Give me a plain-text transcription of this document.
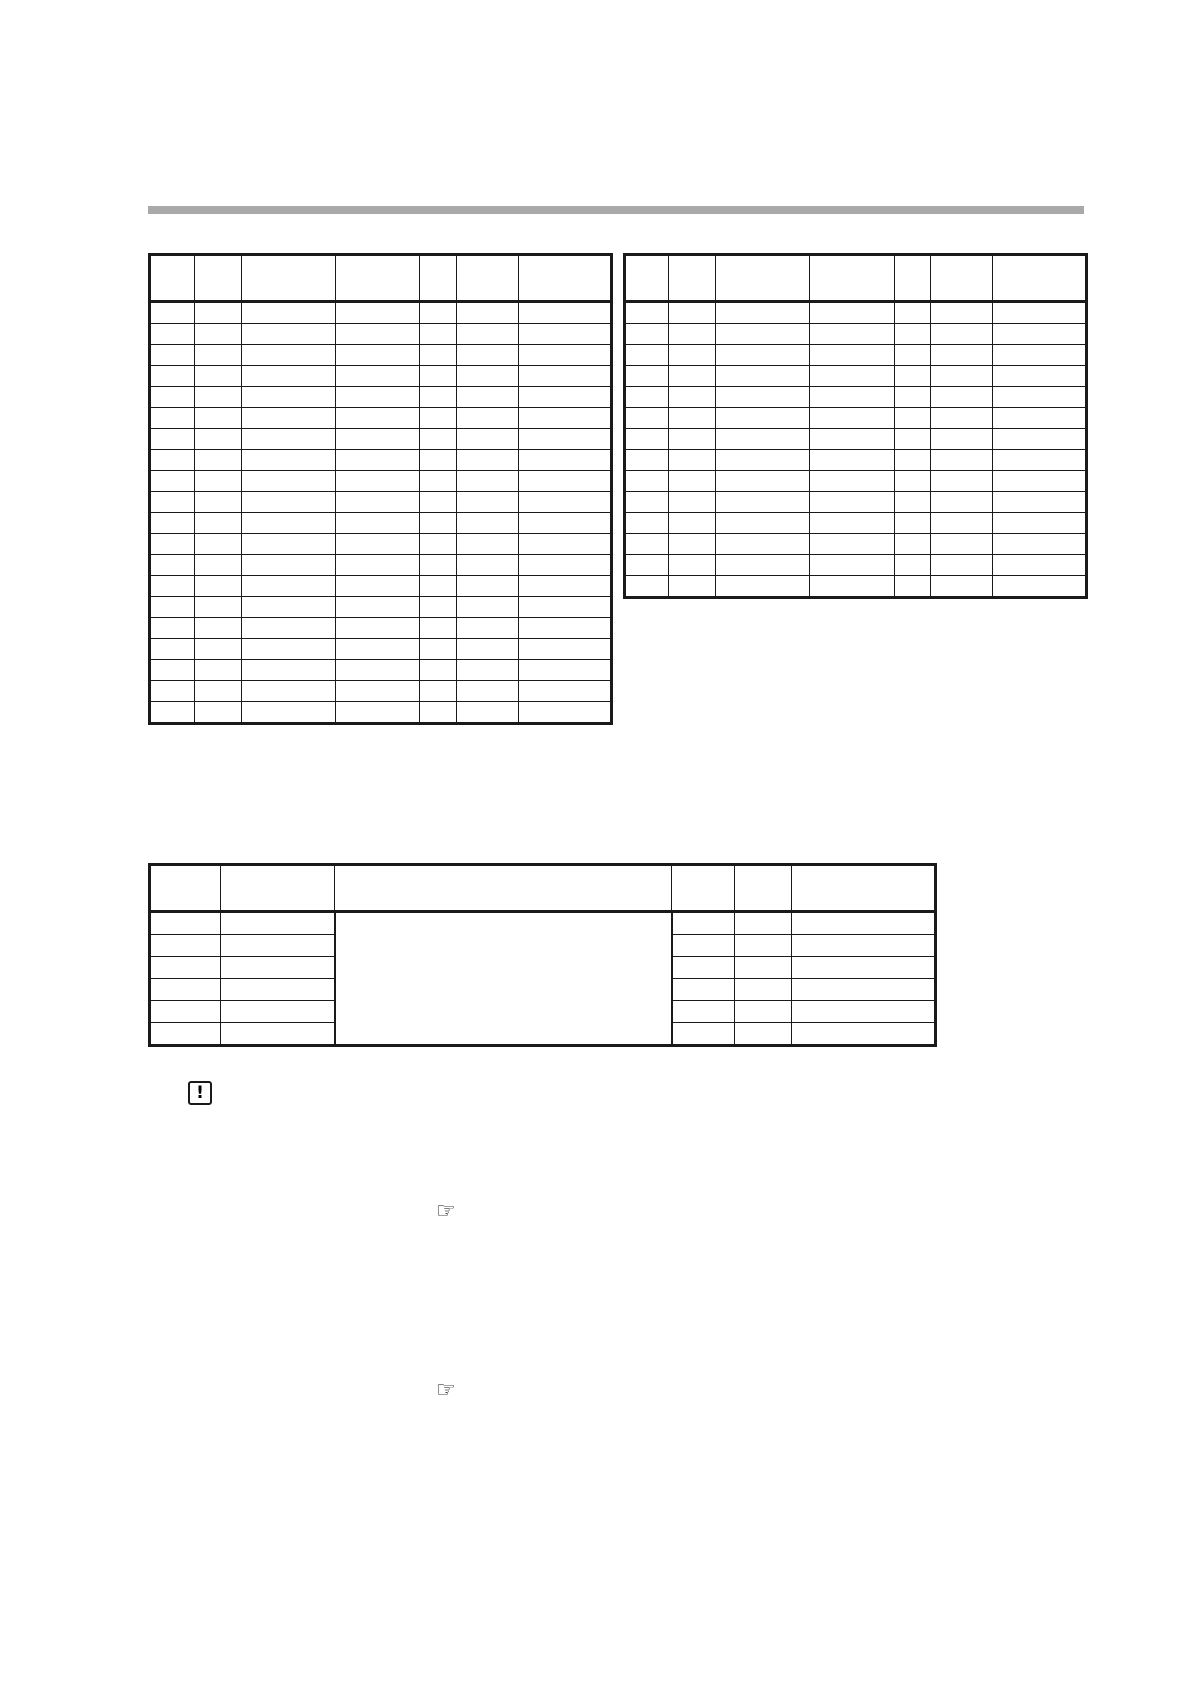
!
☞
☞
